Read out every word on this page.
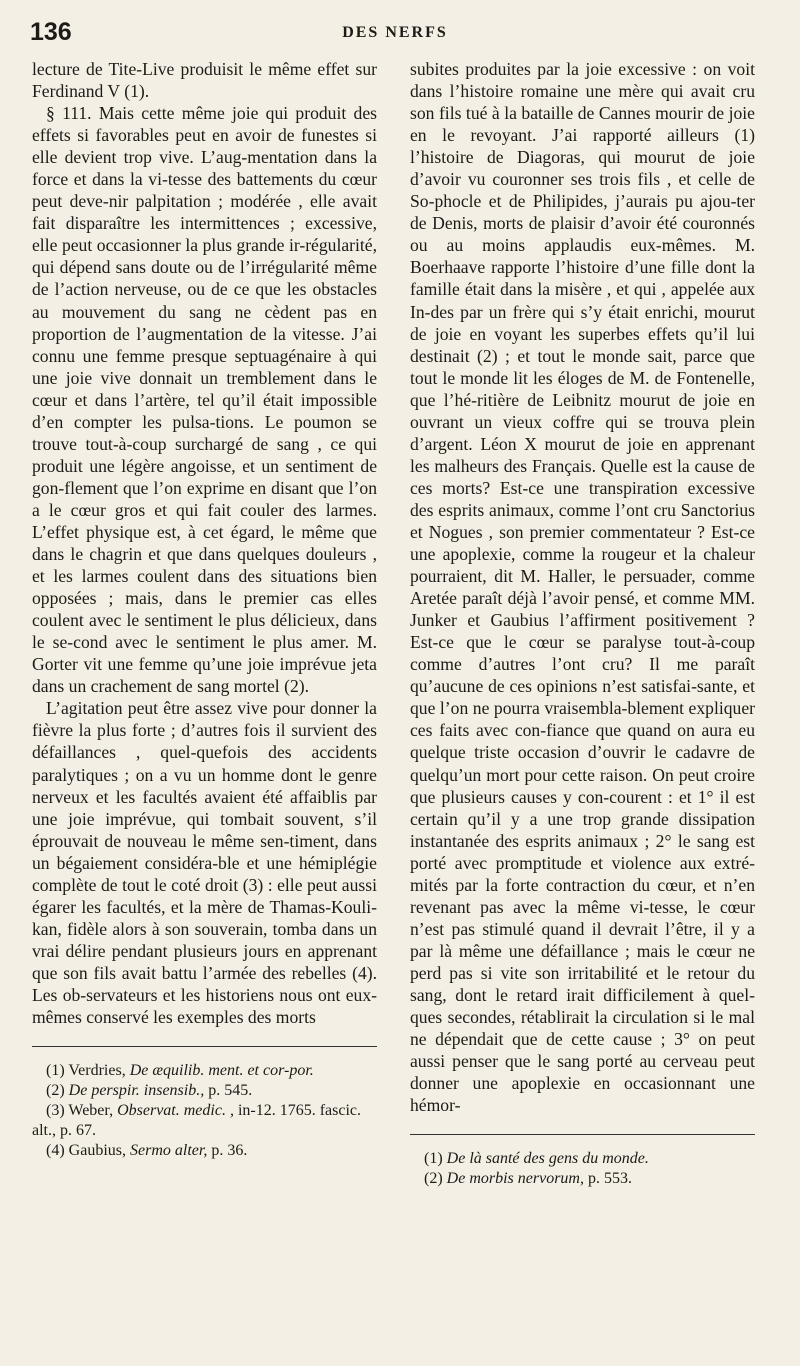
136	DES NERFS

lecture de Tite-Live produisit le même effet sur Ferdinand V (1).

§ 111. Mais cette même joie qui produit des effets si favorables peut en avoir de funestes si elle devient trop vive. L’aug-mentation dans la force et dans la vi-tesse des battements du cœur peut deve-nir palpitation ; modérée , elle avait fait disparaître les intermittences ; excessive, elle peut occasionner la plus grande ir-régularité, qui dépend sans doute ou de l’irrégularité même de l’action nerveuse, ou de ce que les obstacles au mouvement du sang ne cèdent pas en proportion de l’augmentation de la vitesse. J’ai connu une femme presque septuagénaire à qui une joie vive donnait un tremblement dans le cœur et dans l’artère, tel qu’il était impossible d’en compter les pulsa-tions. Le poumon se trouve tout-à-coup surchargé de sang , ce qui produit une légère angoisse, et un sentiment de gon-flement que l’on exprime en disant que l’on a le cœur gros et qui fait couler des larmes. L’effet physique est, à cet égard, le même que dans le chagrin et que dans quelques douleurs , et les larmes coulent dans des situations bien opposées ; mais, dans le premier cas elles coulent avec le sentiment le plus délicieux, dans le se-cond avec le sentiment le plus amer. M. Gorter vit une femme qu’une joie imprévue jeta dans un crachement de sang mortel (2).

L’agitation peut être assez vive pour donner la fièvre la plus forte ; d’autres fois il survient des défaillances , quel-quefois des accidents paralytiques ; on a vu un homme dont le genre nerveux et les facultés avaient été affaiblis par une joie imprévue, qui tombait souvent, s’il éprouvait de nouveau le même sen-timent, dans un bégaiement considéra-ble et une hémiplégie complète de tout le coté droit (3) : elle peut aussi égarer les facultés, et la mère de Thamas-Kouli-kan, fidèle alors à son souverain, tomba dans un vrai délire pendant plusieurs jours en apprenant que son fils avait battu l’armée des rebelles (4). Les ob-servateurs et les historiens nous ont eux-mêmes conservé les exemples des morts

(1) Verdries, De æquilib. ment. et cor-por.

(2) De perspir. insensib., p. 545.

(3) Weber, Observat. medic. , in-12. 1765. fascic. alt., p. 67.

(4) Gaubius, Sermo alter, p. 36.

subites produites par la joie excessive : on voit dans l’histoire romaine une mère qui avait cru son fils tué à la bataille de Cannes mourir de joie en le revoyant. J’ai rapporté ailleurs (1) l’histoire de Diagoras, qui mourut de joie d’avoir vu couronner ses trois fils , et celle de So-phocle et de Philipides, j’aurais pu ajou-ter de Denis, morts de plaisir d’avoir été couronnés ou au moins applaudis eux-mêmes. M. Boerhaave rapporte l’histoire d’une fille dont la famille était dans la misère , et qui , appelée aux In-des par un frère qui s’y était enrichi, mourut de joie en voyant les superbes effets qu’il lui destinait (2) ; et tout le monde sait, parce que tout le monde lit les éloges de M. de Fontenelle, que l’hé-ritière de Leibnitz mourut de joie en ouvrant un vieux coffre qui se trouva plein d’argent. Léon X mourut de joie en apprenant les malheurs des Français. Quelle est la cause de ces morts? Est-ce une transpiration excessive des esprits animaux, comme l’ont cru Sanctorius et Nogues , son premier commentateur ? Est-ce une apoplexie, comme la rougeur et la chaleur pourraient, dit M. Haller, le persuader, comme Aretée paraît déjà l’avoir pensé, et comme MM. Junker et Gaubius l’affirment positivement ? Est-ce que le cœur se paralyse tout-à-coup comme d’autres l’ont cru? Il me paraît qu’aucune de ces opinions n’est satisfai-sante, et que l’on ne pourra vraisembla-blement expliquer ces faits avec con-fiance que quand on aura eu quelque triste occasion d’ouvrir le cadavre de quelqu’un mort pour cette raison. On peut croire que plusieurs causes y con-courent : et 1° il est certain qu’il y a une trop grande dissipation instantanée des esprits animaux ; 2° le sang est porté avec promptitude et violence aux extré-mités par la forte contraction du cœur, et n’en revenant pas avec la même vi-tesse, le cœur n’est pas stimulé quand il devrait l’être, il y a par là même une défaillance ; mais le cœur ne perd pas si vite son irritabilité et le retour du sang, dont le retard irait difficilement à quel-ques secondes, rétablirait la circulation si le mal ne dépendait que de cette cause ; 3° on peut aussi penser que le sang porté au cerveau peut donner une apoplexie en occasionnant une hémor-

(1) De là santé des gens du monde.

(2) De morbis nervorum, p. 553.
